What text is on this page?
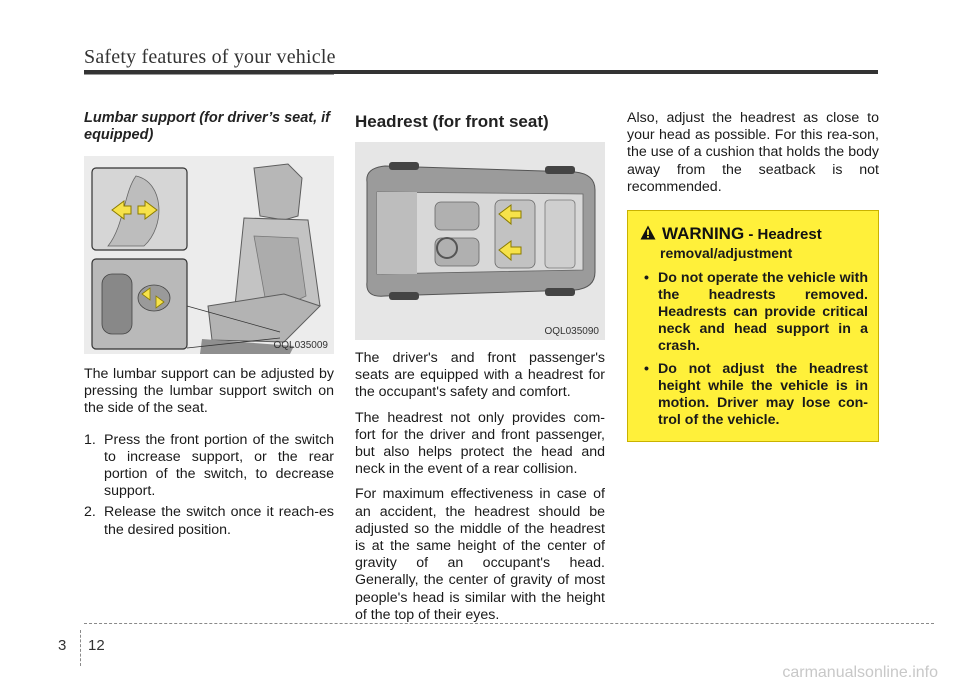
Safety features of your vehicle
Lumbar support (for driver’s seat, if equipped)
OQL035009

The lumbar support can be adjusted by pressing the lumbar support switch on the side of the seat.

1. Press the front portion of the switch to increase support, or the rear portion of the switch, to decrease support.
2. Release the switch once it reach-es the desired position.
Headrest (for front seat)
OQL035090

The driver's and front passenger's seats are equipped with a headrest for the occupant's safety and comfort.

The headrest not only provides com-fort for the driver and front passenger, but also helps protect the head and neck in the event of a rear collision.

For maximum effectiveness in case of an accident, the headrest should be adjusted so the middle of the headrest is at the same height of the center of gravity of an occupant's head. Generally, the center of gravity of most people's head is similar with the height of the top of their eyes.

Also, adjust the headrest as close to your head as possible. For this rea-son, the use of a cushion that holds the body away from the seatback is not recommended.

WARNING - Headrest
removal/adjustment
• Do not operate the vehicle with the headrests removed. Headrests can provide critical neck and head support in a crash.
• Do not adjust the headrest height while the vehicle is in motion. Driver may lose con-trol of the vehicle.
3 12
carmanualsonline.info
